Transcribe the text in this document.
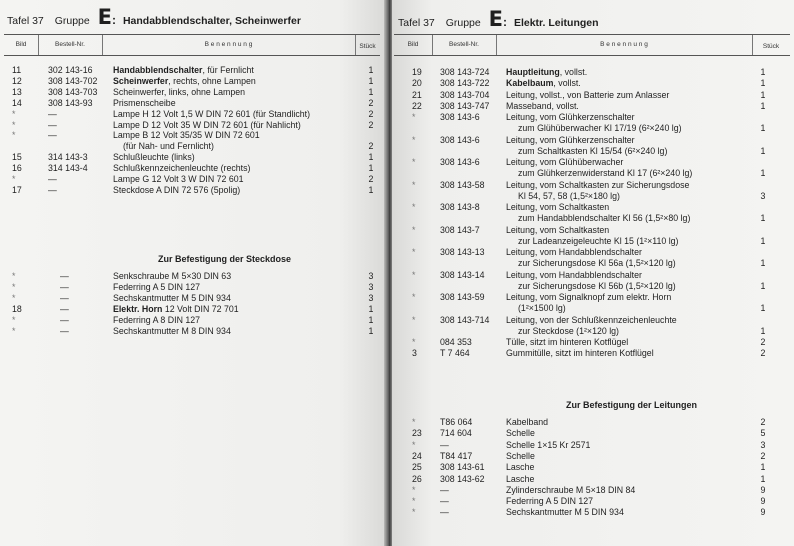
Tafel 37 Gruppe E: Handabblendschalter, Scheinwerfer
Bild	Bestell-Nr.	B e n e n n u n g	Stück
11	302 143-16 Handabblendschalter, für Fernlicht	1
12	308 143-702 Scheinwerfer, rechts, ohne Lampen	1
13	308 143-703 Scheinwerfer, links, ohne Lampen	1
14	308 143-93 Prismenscheibe	2
*	—	Lampe H 12 Volt 1,5 W DIN 72 601 (für Standlicht)	2
*	—	Lampe D 12 Volt 35 W DIN 72 601 (für Nahlicht)	2
*	—	Lampe B 12 Volt 35/35 W DIN 72 601
(für Nah- und Fernlicht)	2
15	314 143-3	Schlußleuchte (links)	1
16	314 143-4	Schlußkennzeichenleuchte (rechts)	1
*	—	Lampe G 12 Volt 3 W DIN 72 601	2
17	—	Steckdose A DIN 72 576 (5polig)	1
Zur Befestigung der Steckdose
*	—	Senkschraube M 5×30 DIN 63	3
*	—	Federring A 5 DIN 127	3
*	—	Sechskantmutter M 5 DIN 934	3
18	—	Elektr. Horn 12 Volt DIN 72 701	1
*	—	Federring A 8 DIN 127	1
*	—	Sechskantmutter M 8 DIN 934	1
Tafel 37 Gruppe E: Elektr. Leitungen
Bild	Bestell-Nr.	B e n e n n u n g	Stück
19	308 143-724 Hauptleitung, vollst.	1
20	308 143-722 Kabelbaum, vollst.	1
21	308 143-704 Leitung, vollst., von Batterie zum Anlasser	1
22	308 143-747 Masseband, vollst.	1
*	308 143-6	Leitung, vom Glühkerzenschalter
zum Glühüberwacher Kl 17/19 (6²×240 lg)	1
*	308 143-6	Leitung, vom Glühkerzenschalter
zum Schaltkasten Kl 15/54 (6²×240 lg)	1
*	308 143-6	Leitung, vom Glühüberwacher
zum Glühkerzenwiderstand Kl 17 (6²×240 lg)	1
*	308 143-58 Leitung, vom Schaltkasten zur Sicherungsdose
Kl 54, 57, 58 (1,5²×180 lg)	3
*	308 143-8	Leitung, vom Schaltkasten
zum Handabblendschalter Kl 56 (1,5²×80 lg)	1
*	308 143-7	Leitung, vom Schaltkasten
zur Ladeanzeigeleuchte Kl 15 (1²×110 lg)	1
*	308 143-13 Leitung, vom Handabblendschalter
zur Sicherungsdose Kl 56a (1,5²×120 lg)	1
*	308 143-14 Leitung, vom Handabblendschalter
zur Sicherungsdose Kl 56b (1,5²×120 lg)	1
*	308 143-59 Leitung, vom Signalknopf zum elektr. Horn
(1²×1500 lg)	1
*	308 143-714 Leitung, von der Schlußkennzeichenleuchte
zur Steckdose (1²×120 lg)	1
*	084 353	Tülle, sitzt im hinteren Kotflügel	2
3	T 7 464	Gummitülle, sitzt im hinteren Kotflügel	2
Zur Befestigung der Leitungen
*	T86 064	Kabelband	2
23	714 604	Schelle	5
*	—	Schelle 1×15 Kr 2571	3
24	T84 417	Schelle	2
25	308 143-61 Lasche	1
26	308 143-62 Lasche	1
*	—	Zylinderschraube M 5×18 DIN 84	9
*	—	Federring A 5 DIN 127	9
*	—	Sechskantmutter M 5 DIN 934	9
